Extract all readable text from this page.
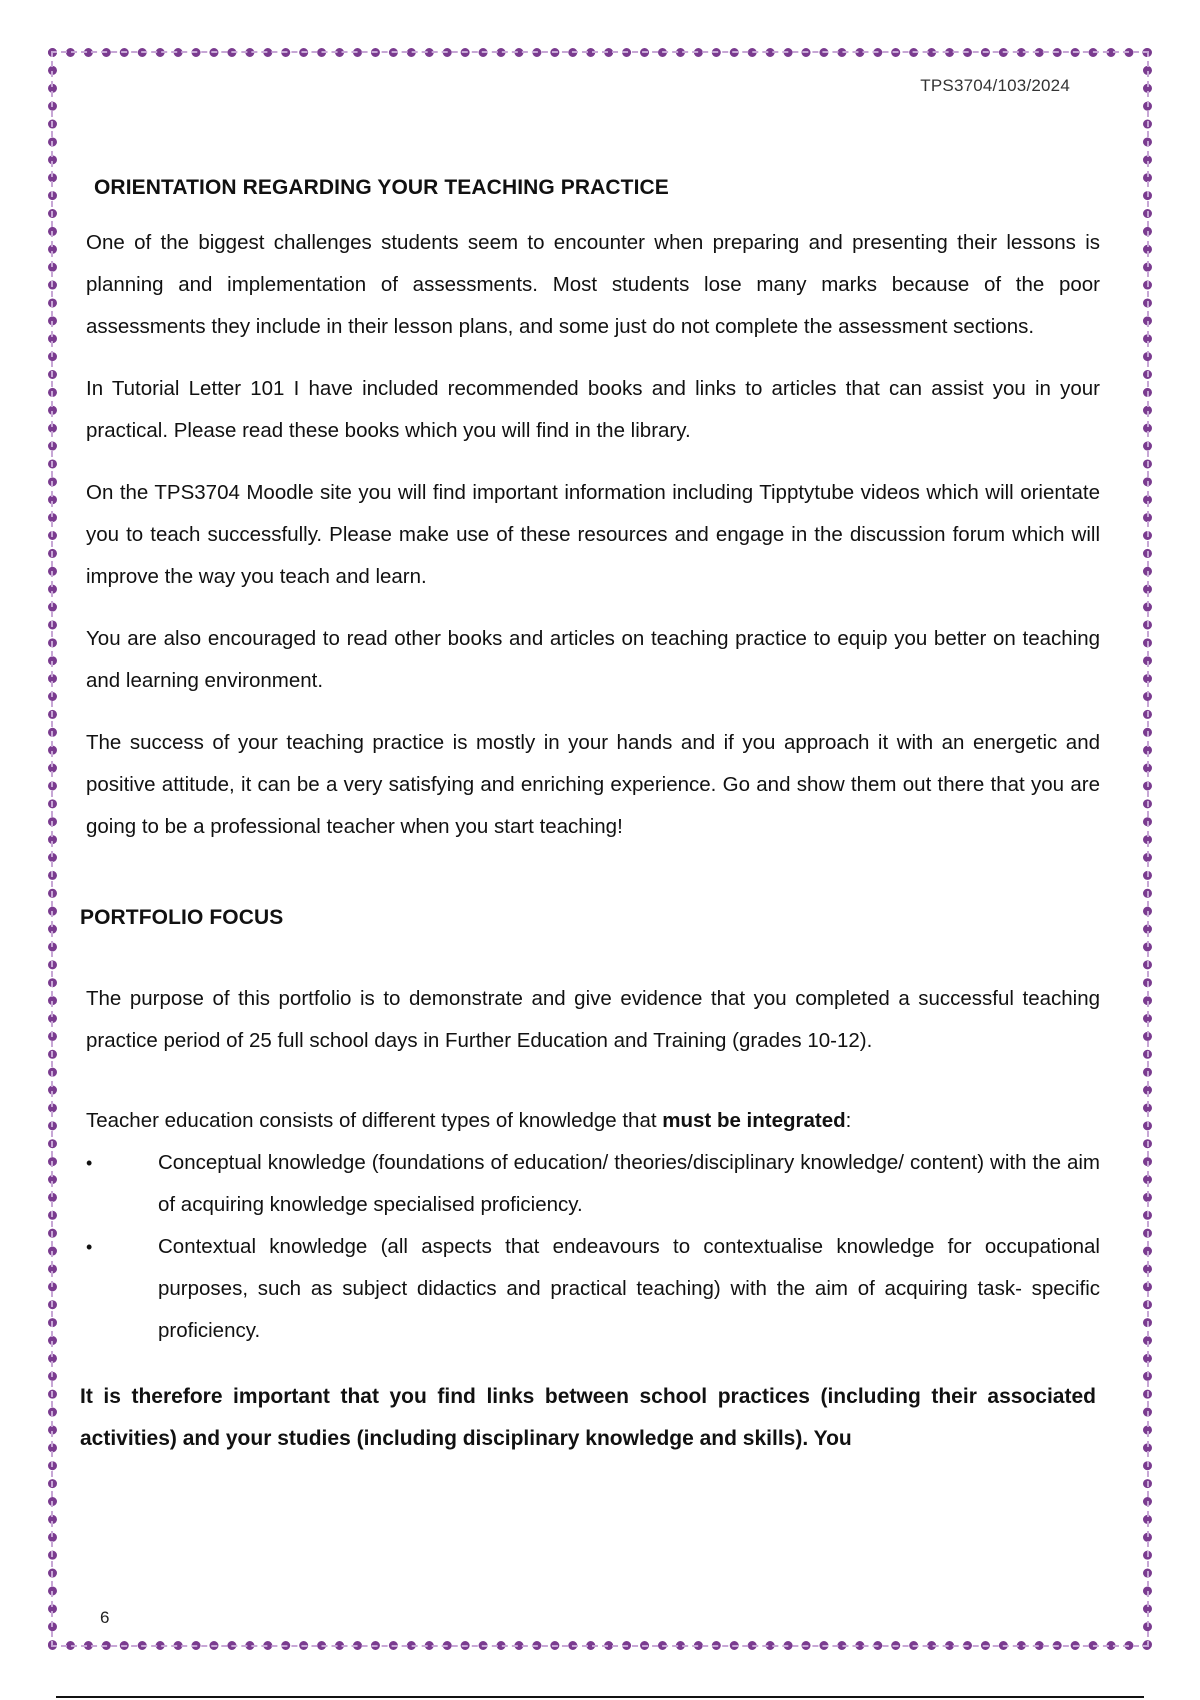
TPS3704/103/2024
ORIENTATION REGARDING YOUR TEACHING PRACTICE

One of the biggest challenges students seem to encounter when preparing and presenting their lessons is planning and implementation of assessments. Most students lose many marks because of the poor assessments they include in their lesson plans, and some just do not complete the assessment sections.

In Tutorial Letter 101 I have included recommended books and links to articles that can assist you in your practical. Please read these books which you will find in the library.

On the TPS3704 Moodle site you will find important information including Tipptytube videos which will orientate you to teach successfully. Please make use of these resources and engage in the discussion forum which will improve the way you teach and learn.

You are also encouraged to read other books and articles on teaching practice to equip you better on teaching and learning environment.

The success of your teaching practice is mostly in your hands and if you approach it with an energetic and positive attitude, it can be a very satisfying and enriching experience. Go and show them out there that you are going to be a professional teacher when you start teaching!

PORTFOLIO FOCUS

The purpose of this portfolio is to demonstrate and give evidence that you completed a successful teaching practice period of 25 full school days in Further Education and Training (grades 10-12).

Teacher education consists of different types of knowledge that must be integrated:

•	Conceptual knowledge (foundations of education/ theories/disciplinary knowledge/ content) with the aim of acquiring knowledge specialised proficiency.
•	Contextual knowledge (all aspects that endeavours to contextualise knowledge for occupational purposes, such as subject didactics and practical teaching) with the aim of acquiring task- specific proficiency.

It is therefore important that you find links between school practices (including their associated activities) and your studies (including disciplinary knowledge and skills). You

6
